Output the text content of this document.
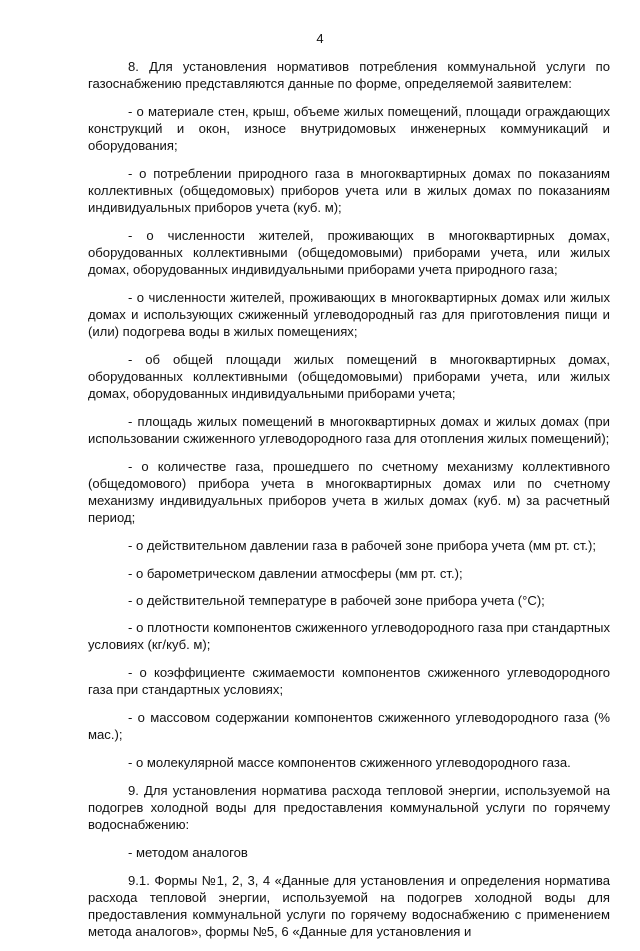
4

8. Для установления нормативов потребления коммунальной услуги по газоснабжению представляются данные по форме, определяемой заявителем:

- о материале стен, крыш, объеме жилых помещений, площади ограждающих конструкций и окон, износе внутридомовых инженерных коммуникаций и оборудования;

- о потреблении природного газа в многоквартирных домах по показаниям коллективных (общедомовых) приборов учета или в жилых домах по показаниям индивидуальных приборов учета (куб. м);

- о численности жителей, проживающих в многоквартирных домах, оборудованных коллективными (общедомовыми) приборами учета, или жилых домах, оборудованных индивидуальными приборами учета природного газа;

- о численности жителей, проживающих в многоквартирных домах или жилых домах и использующих сжиженный углеводородный газ для приготовления пищи и (или) подогрева воды в жилых помещениях;

- об общей площади жилых помещений в многоквартирных домах, оборудованных коллективными (общедомовыми) приборами учета, или жилых домах, оборудованных индивидуальными приборами учета;

- площадь жилых помещений в многоквартирных домах и жилых домах (при использовании сжиженного углеводородного газа для отопления жилых помещений);

- о количестве газа, прошедшего по счетному механизму коллективного (общедомового) прибора учета в многоквартирных домах или по счетному механизму индивидуальных приборов учета в жилых домах (куб. м) за расчетный период;

- о действительном давлении газа в рабочей зоне прибора учета (мм рт. ст.);

- о барометрическом давлении атмосферы (мм рт. ст.);

- о действительной температуре в рабочей зоне прибора учета (°C);

- о плотности компонентов сжиженного углеводородного газа при стандартных условиях (кг/куб. м);

- о коэффициенте сжимаемости компонентов сжиженного углеводородного газа при стандартных условиях;

- о массовом содержании компонентов сжиженного углеводородного газа (% мас.);

- о молекулярной массе компонентов сжиженного углеводородного газа.

9. Для установления норматива расхода тепловой энергии, используемой на подогрев холодной воды для предоставления коммунальной услуги по горячему водоснабжению:

- методом аналогов

9.1. Формы №1, 2, 3, 4 «Данные для установления и определения норматива расхода тепловой энергии, используемой на подогрев холодной воды для предоставления коммунальной услуги по горячему водоснабжению с применением метода аналогов», формы №5, 6 «Данные для установления и
